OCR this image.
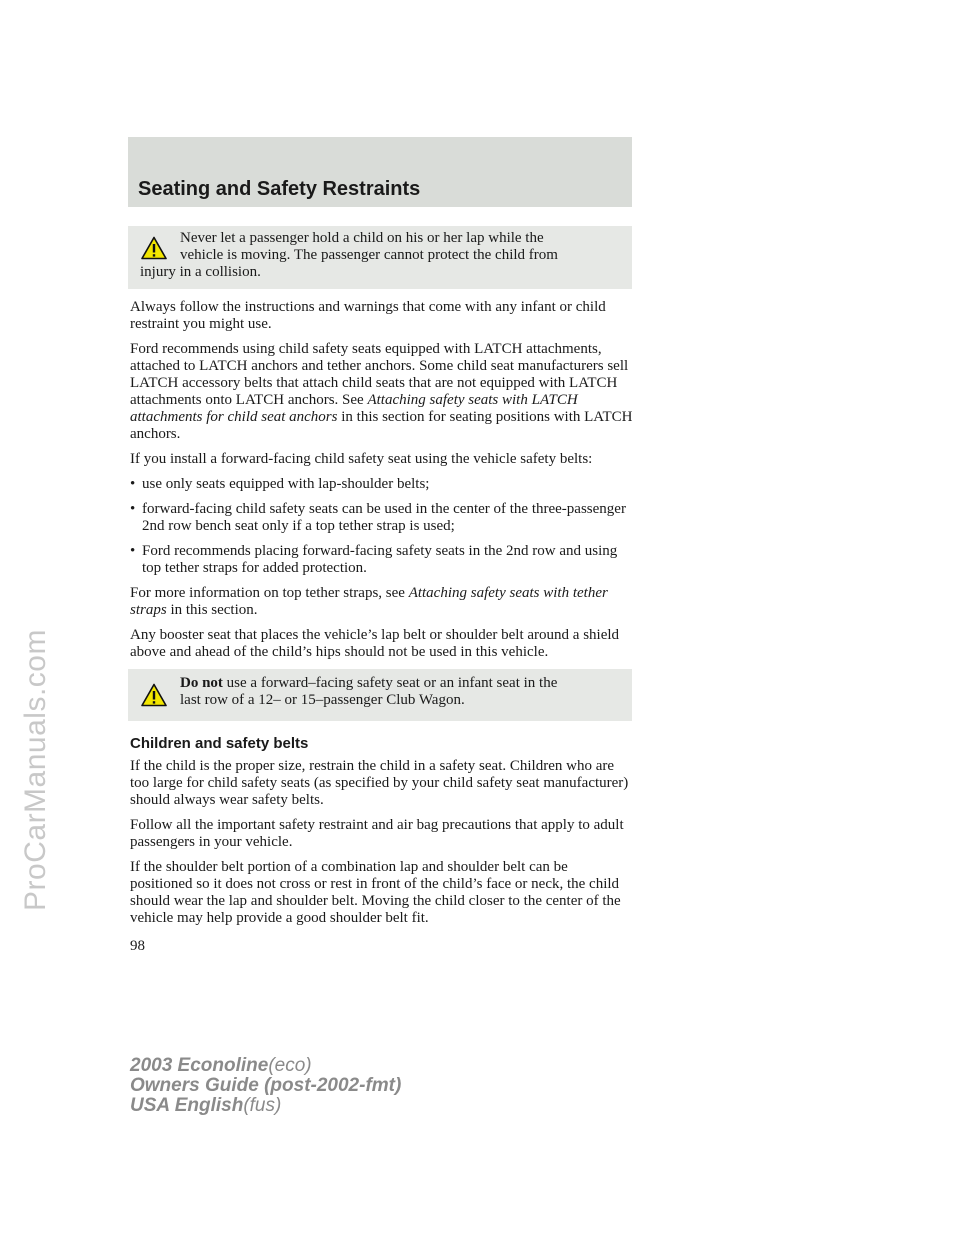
ProCarManuals.com
Seating and Safety Restraints
Never let a passenger hold a child on his or her lap while the
vehicle is moving. The passenger cannot protect the child from
injury in a collision.

Always follow the instructions and warnings that come with any infant or child restraint you might use.

Ford recommends using child safety seats equipped with LATCH attachments, attached to LATCH anchors and tether anchors. Some child seat manufacturers sell LATCH accessory belts that attach child seats that are not equipped with LATCH attachments onto LATCH anchors. See Attaching safety seats with LATCH attachments for child seat anchors in this section for seating positions with LATCH anchors.

If you install a forward-facing child safety seat using the vehicle safety belts:

• use only seats equipped with lap-shoulder belts;
• forward-facing child safety seats can be used in the center of the three-passenger 2nd row bench seat only if a top tether strap is used;
• Ford recommends placing forward-facing safety seats in the 2nd row and using top tether straps for added protection.

For more information on top tether straps, see Attaching safety seats with tether straps in this section.

Any booster seat that places the vehicle’s lap belt or shoulder belt around a shield above and ahead of the child’s hips should not be used in this vehicle.

Do not use a forward–facing safety seat or an infant seat in the
last row of a 12– or 15–passenger Club Wagon.
Children and safety belts

If the child is the proper size, restrain the child in a safety seat. Children who are too large for child safety seats (as specified by your child safety seat manufacturer) should always wear safety belts.

Follow all the important safety restraint and air bag precautions that apply to adult passengers in your vehicle.

If the shoulder belt portion of a combination lap and shoulder belt can be positioned so it does not cross or rest in front of the child’s face or neck, the child should wear the lap and shoulder belt. Moving the child closer to the center of the vehicle may help provide a good shoulder belt fit.

98
2003 Econoline(eco)
Owners Guide (post-2002-fmt)
USA English(fus)
